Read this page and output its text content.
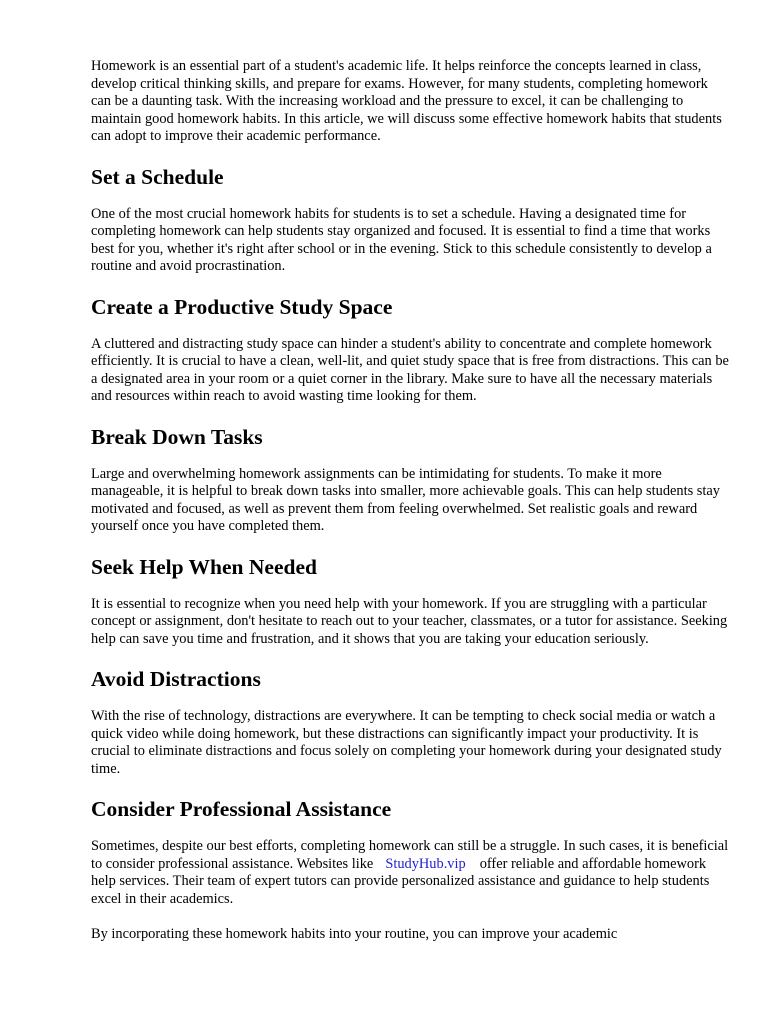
Homework is an essential part of a student's academic life. It helps reinforce the concepts learned in class, develop critical thinking skills, and prepare for exams. However, for many students, completing homework can be a daunting task. With the increasing workload and the pressure to excel, it can be challenging to maintain good homework habits. In this article, we will discuss some effective homework habits that students can adopt to improve their academic performance.

Set a Schedule

One of the most crucial homework habits for students is to set a schedule. Having a designated time for completing homework can help students stay organized and focused. It is essential to find a time that works best for you, whether it's right after school or in the evening. Stick to this schedule consistently to develop a routine and avoid procrastination.

Create a Productive Study Space

A cluttered and distracting study space can hinder a student's ability to concentrate and complete homework efficiently. It is crucial to have a clean, well-lit, and quiet study space that is free from distractions. This can be a designated area in your room or a quiet corner in the library. Make sure to have all the necessary materials and resources within reach to avoid wasting time looking for them.

Break Down Tasks

Large and overwhelming homework assignments can be intimidating for students. To make it more manageable, it is helpful to break down tasks into smaller, more achievable goals. This can help students stay motivated and focused, as well as prevent them from feeling overwhelmed. Set realistic goals and reward yourself once you have completed them.

Seek Help When Needed

It is essential to recognize when you need help with your homework. If you are struggling with a particular concept or assignment, don't hesitate to reach out to your teacher, classmates, or a tutor for assistance. Seeking help can save you time and frustration, and it shows that you are taking your education seriously.

Avoid Distractions

With the rise of technology, distractions are everywhere. It can be tempting to check social media or watch a quick video while doing homework, but these distractions can significantly impact your productivity. It is crucial to eliminate distractions and focus solely on completing your homework during your designated study time.

Consider Professional Assistance

Sometimes, despite our best efforts, completing homework can still be a struggle. In such cases, it is beneficial to consider professional assistance. Websites like StudyHub.vip offer reliable and affordable homework help services. Their team of expert tutors can provide personalized assistance and guidance to help students excel in their academics.

By incorporating these homework habits into your routine, you can improve your academic
